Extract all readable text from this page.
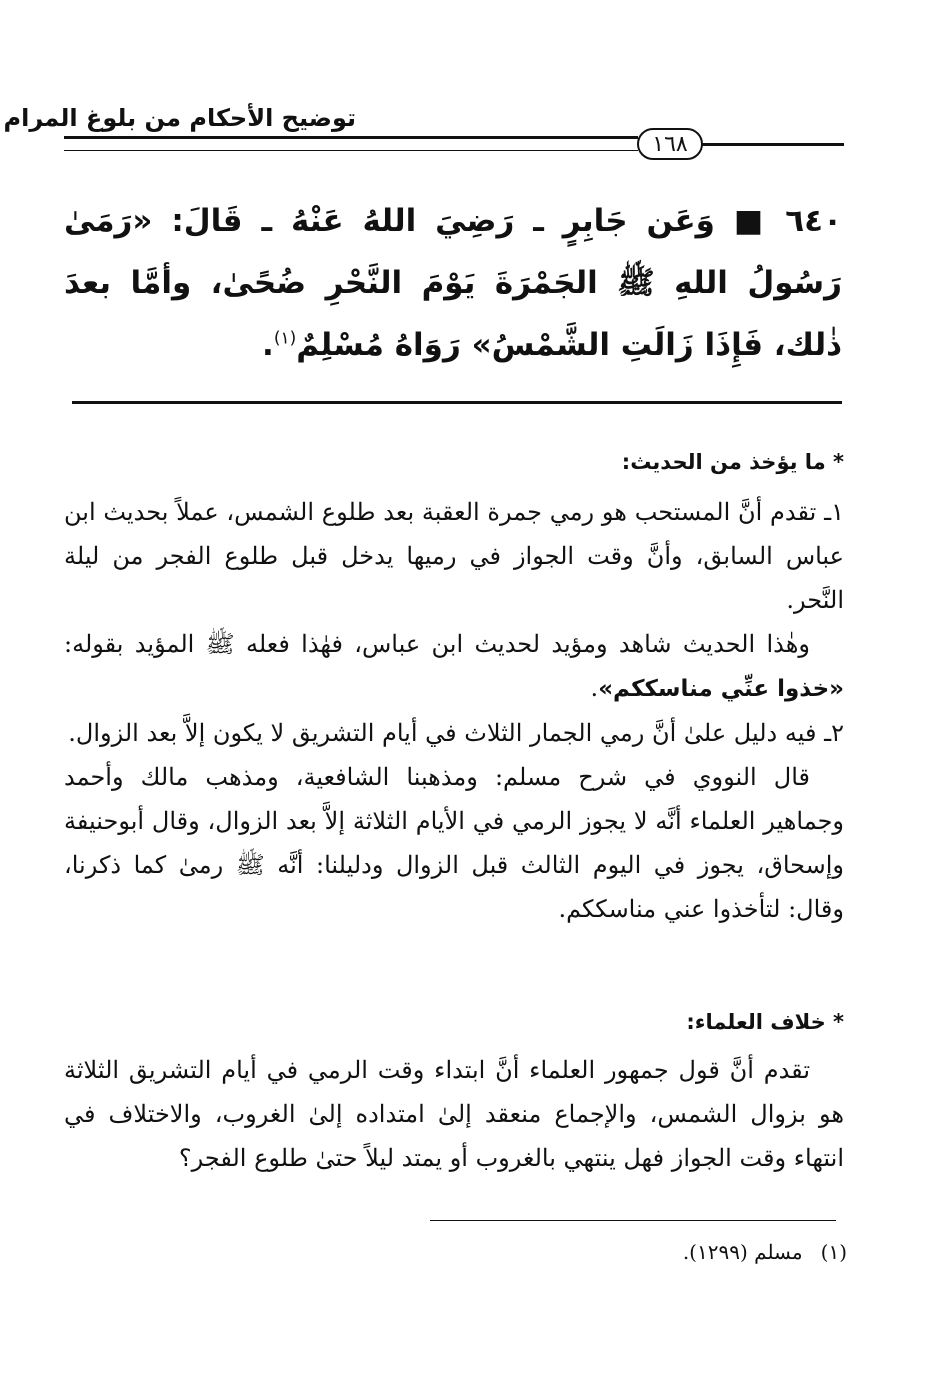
توضيح الأحكام من بلوغ المرام
١٦٨
٦٤٠■ وَعَن جَابِرٍ ـ رَضِيَ اللهُ عَنْهُ ـ قَالَ: «رَمَىٰ رَسُولُ اللهِ ﷺ الجَمْرَةَ يَوْمَ النَّحْرِ ضُحًىٰ، وأمَّا بعدَ ذٰلك، فَإِذَا زَالَتِ الشَّمْسُ» رَوَاهُ مُسْلِمٌ$^{(١)}$.
* ما يؤخذ من الحديث:

١ـ تقدم أنَّ المستحب هو رمي جمرة العقبة بعد طلوع الشمس، عملاً بحديث ابن عباس السابق، وأنَّ وقت الجواز في رميها يدخل قبل طلوع الفجر من ليلة النَّحر.

وهٰذا الحديث شاهد ومؤيد لحديث ابن عباس، فهٰذا فعله ﷺ المؤيد بقوله: «خذوا عنِّي مناسككم».

٢ـ فيه دليل علىٰ أنَّ رمي الجمار الثلاث في أيام التشريق لا يكون إلاَّ بعد الزوال.

قال النووي في شرح مسلم: ومذهبنا الشافعية، ومذهب مالك وأحمد وجماهير العلماء أنَّه لا يجوز الرمي في الأيام الثلاثة إلاَّ بعد الزوال، وقال أبوحنيفة وإسحاق، يجوز في اليوم الثالث قبل الزوال ودليلنا: أنَّه ﷺ رمىٰ كما ذكرنا، وقال: لتأخذوا عني مناسككم.

* خلاف العلماء:

تقدم أنَّ قول جمهور العلماء أنَّ ابتداء وقت الرمي في أيام التشريق الثلاثة هو بزوال الشمس، والإجماع منعقد إلىٰ امتداده إلىٰ الغروب، والاختلاف في انتهاء وقت الجواز فهل ينتهي بالغروب أو يمتد ليلاً حتىٰ طلوع الفجر؟

(١)مسلم (١٢٩٩).
